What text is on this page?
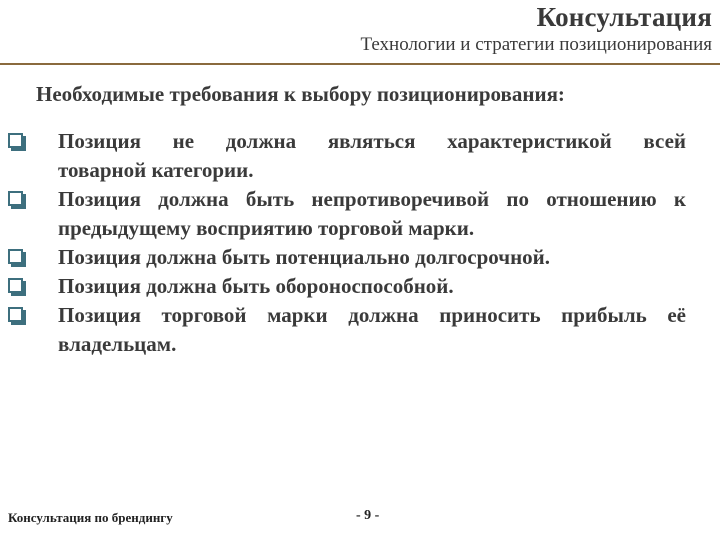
Консультация
Технологии и стратегии позиционирования
Необходимые требования к выбору позиционирования:
Позиция не должна являться характеристикой всей
товарной категории.
Позиция должна быть непротиворечивой по отношению к
предыдущему восприятию торговой марки.
Позиция должна быть потенциально долгосрочной.
Позиция должна быть обороноспособной.
Позиция торговой марки должна приносить прибыль её
владельцам.
Консультация по брендингу	- 9 -
